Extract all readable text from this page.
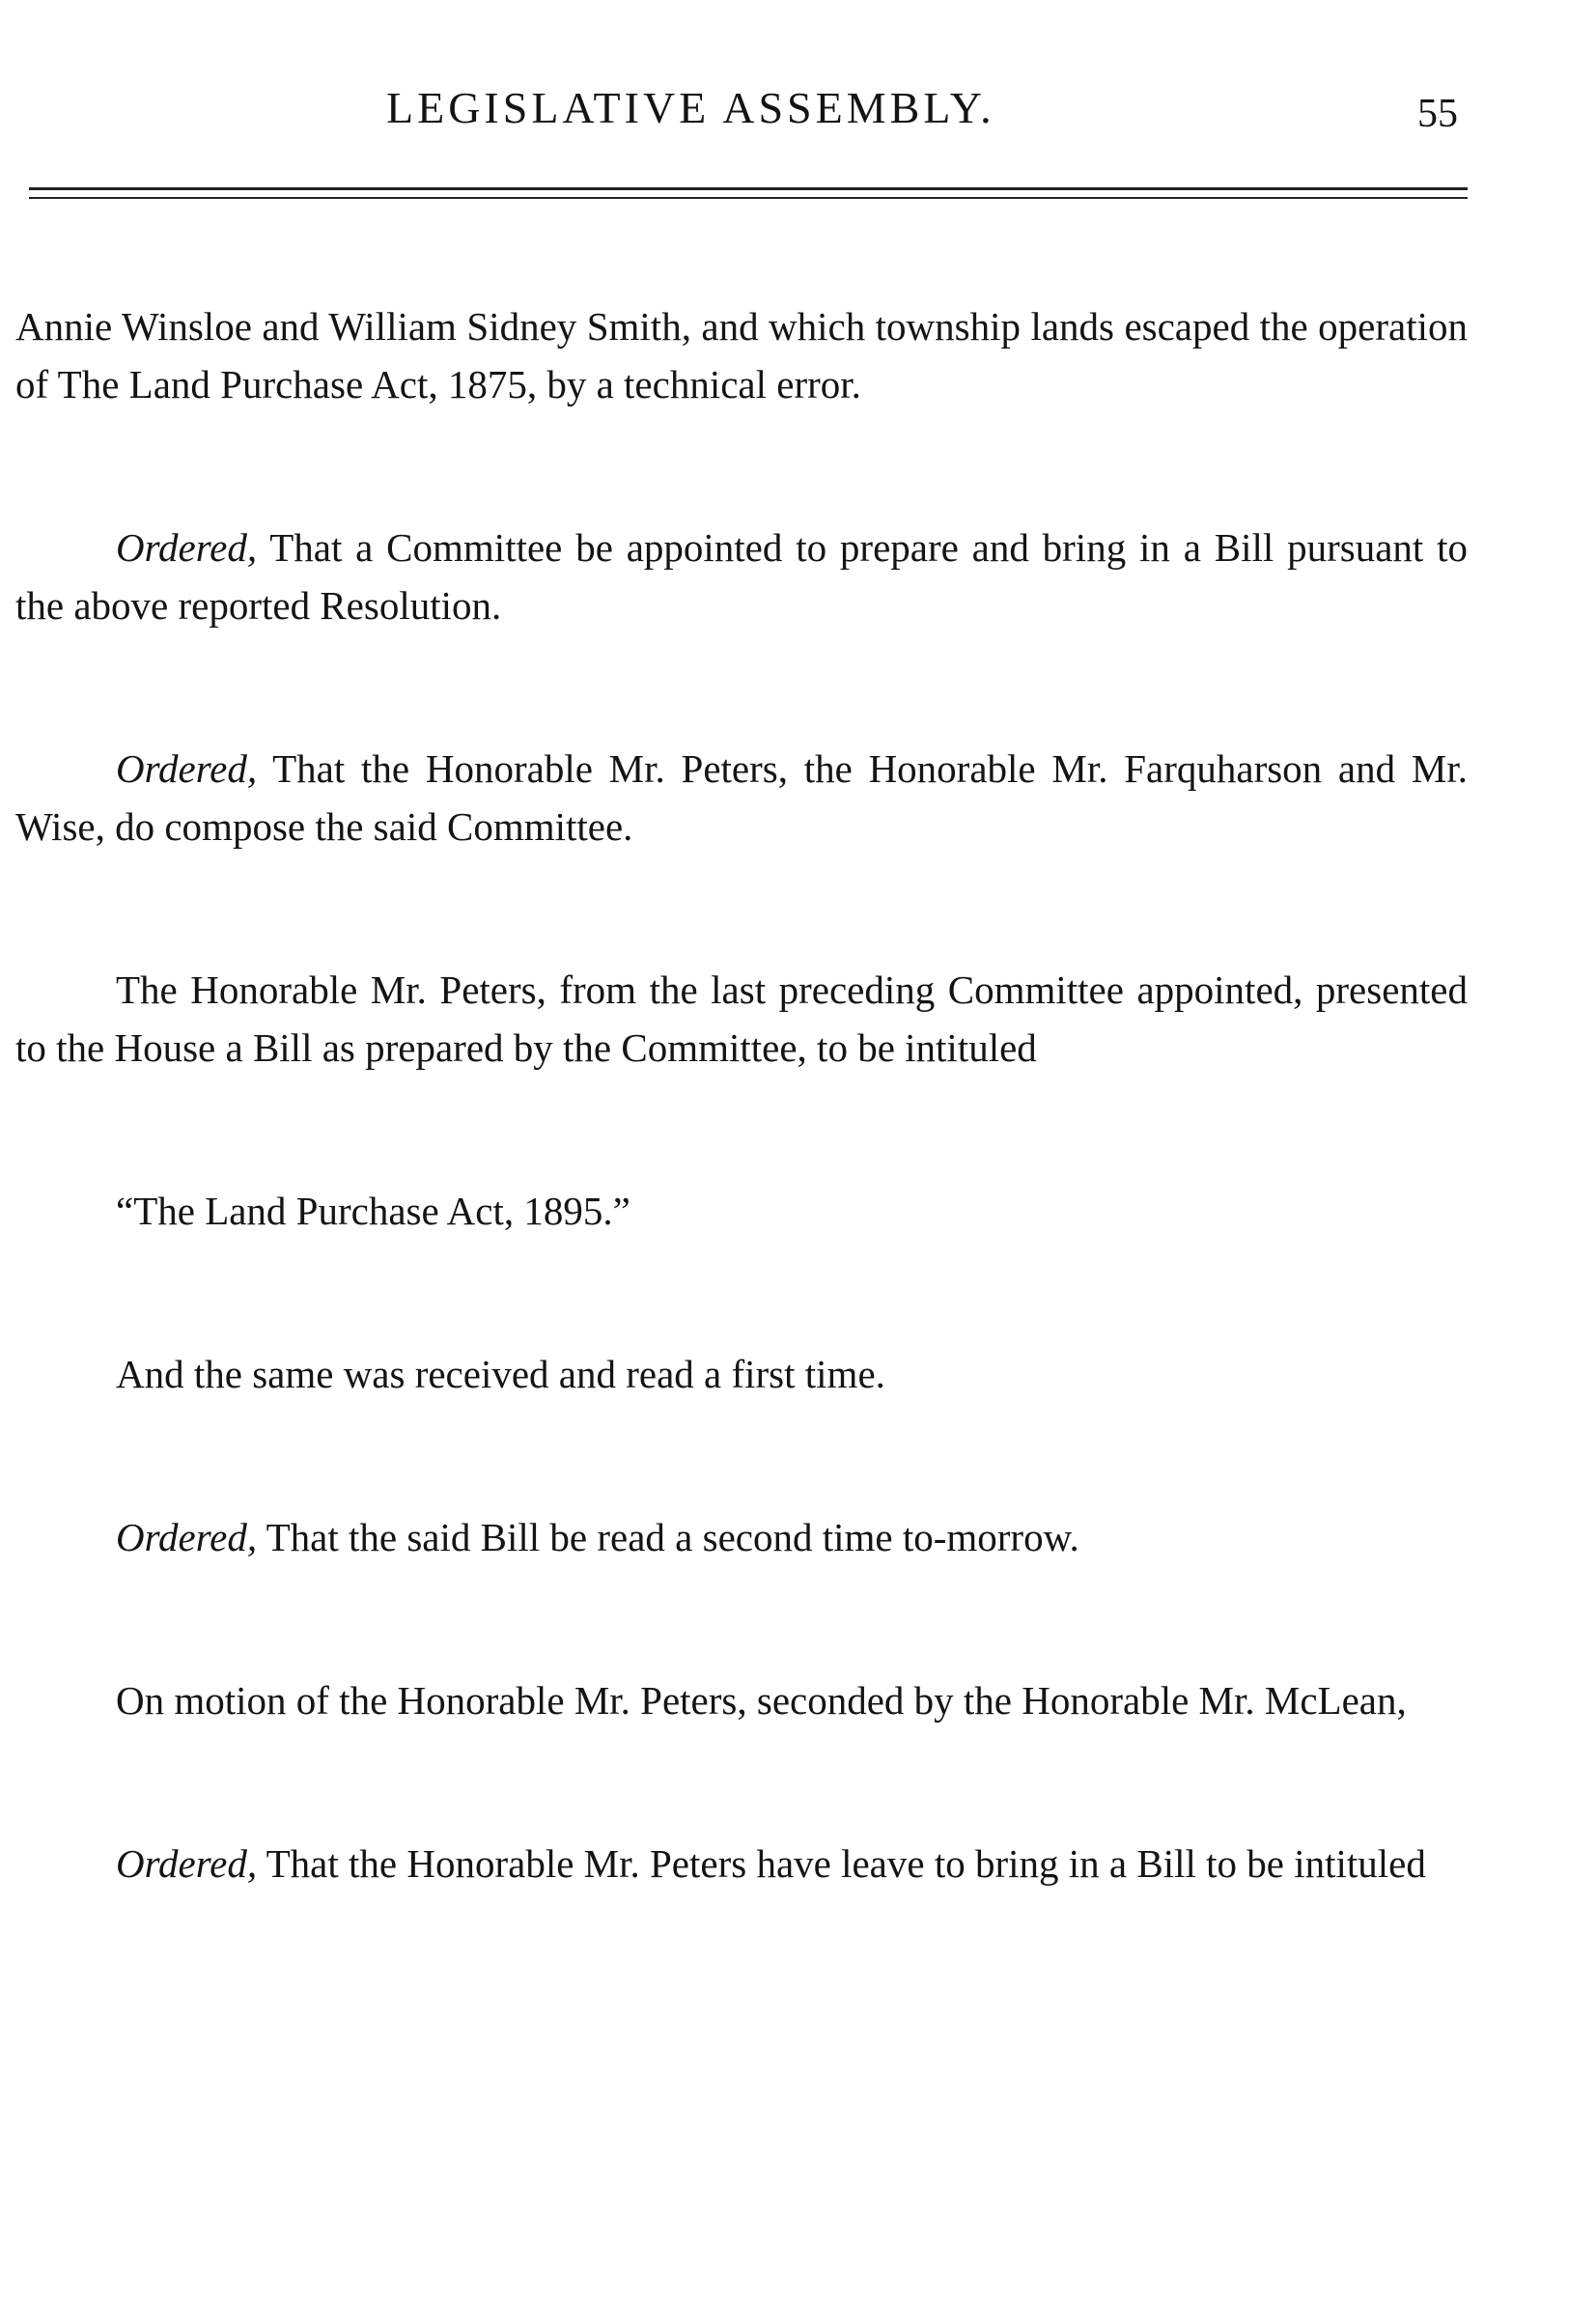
LEGISLATIVE ASSEMBLY.	55

Annie Winsloe and William Sidney Smith, and which township lands escaped the operation of The Land Purchase Act, 1875, by a technical error.

Ordered, That a Committee be appointed to prepare and bring in a Bill pursuant to the above reported Resolution.

Ordered, That the Honorable Mr. Peters, the Honorable Mr. Farquharson and Mr. Wise, do compose the said Committee.

The Honorable Mr. Peters, from the last preceding Committee appointed, presented to the House a Bill as prepared by the Committee, to be intituled

“The Land Purchase Act, 1895.”

And the same was received and read a first time.

Ordered, That the said Bill be read a second time to-morrow.

On motion of the Honorable Mr. Peters, seconded by the Honorable Mr. McLean,

Ordered, That the Honorable Mr. Peters have leave to bring in a Bill to be intituled
